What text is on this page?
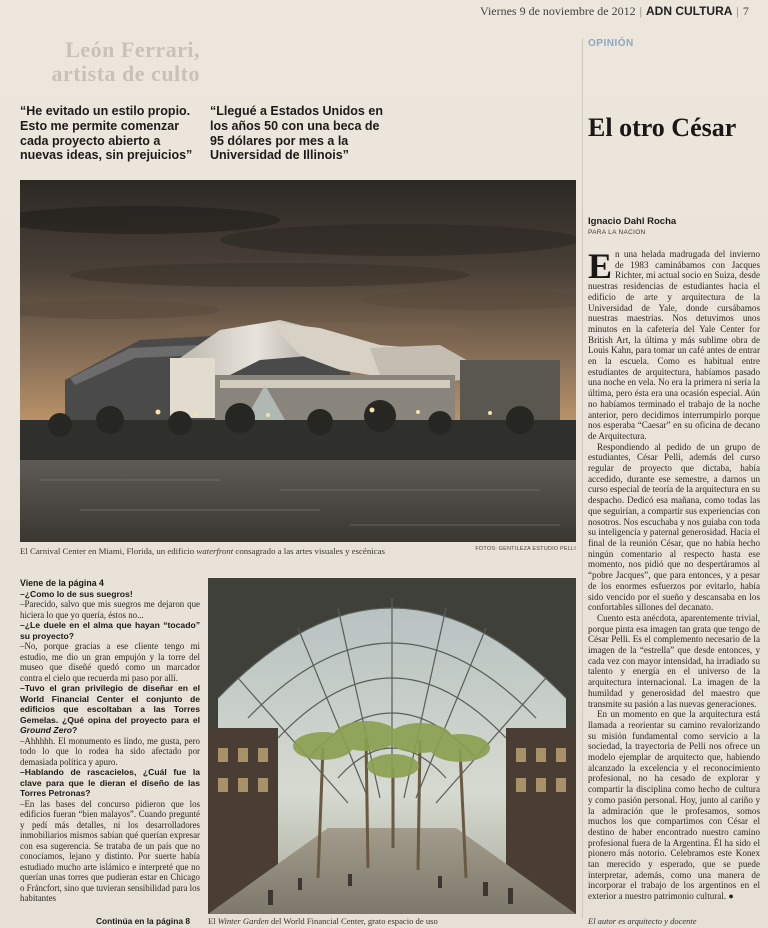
Viernes 9 de noviembre de 2012 | ADN CULTURA | 7
León Ferrari, artista de culto
“He evitado un estilo propio. Esto me permite comenzar cada proyecto abierto a nuevas ideas, sin prejuicios”
“Llegué a Estados Unidos en los años 50 con una beca de 95 dólares por mes a la Universidad de Illinois”
OPINIÓN
El otro César
El Carnival Center en Miami, Florida, un edificio waterfront consagrado a las artes visuales y escénicas	FOTOS: GENTILEZA ESTUDIO PELLI
Ignacio Dahl Rocha
PARA LA NACION

En una helada madrugada del invierno de 1983 caminábamos con Jacques Richter, mi actual socio en Suiza, desde nuestras residencias de estudiantes hacia el edificio de arte y arquitectura de la Universidad de Yale, donde cursábamos nuestras maestrías. Nos detuvimos unos minutos en la cafetería del Yale Center for British Art, la última y más sublime obra de Louis Kahn, para tomar un café antes de entrar en la escuela. Como es habitual entre estudiantes de arquitectura, habíamos pasado una noche en vela. No era la primera ni sería la última, pero ésta era una ocasión especial. Aún no habíamos terminado el trabajo de la noche anterior, pero decidimos interrumpirlo porque nos esperaba “Caesar” en su oficina de decano de Arquitectura.

Respondiendo al pedido de un grupo de estudiantes, César Pelli, además del curso regular de proyecto que dictaba, había accedido, durante ese semestre, a darnos un curso especial de teoría de la arquitectura en su despacho. Dedicó esa mañana, como todas las que seguirían, a compartir sus experiencias con nosotros. Nos escuchaba y nos guiaba con toda su inteligencia y paternal generosidad. Hacia el final de la reunión César, que no había hecho ningún comentario al respecto hasta ese momento, nos pidió que no despertáramos al “pobre Jacques”, que para entonces, y a pesar de los enormes esfuerzos por evitarlo, había sido vencido por el sueño y descansaba en los confortables sillones del decanato.

Cuento esta anécdota, aparentemente trivial, porque pinta esa imagen tan grata que tengo de César Pelli. Es el complemento necesario de la imagen de la “estrella” que desde entonces, y cada vez con mayor intensidad, ha irradiado su talento y energía en el universo de la arquitectura internacional. La imagen de la humildad y generosidad del maestro que transmite su pasión a las nuevas generaciones.

En un momento en que la arquitectura está llamada a reorientar su camino revalorizando su misión fundamental como servicio a la sociedad, la trayectoria de Pelli nos ofrece un modelo ejemplar de arquitecto que, habiendo alcanzado la excelencia y el reconocimiento profesional, no ha cesado de explorar y compartir la disciplina como hecho de cultura y como pasión personal. Hoy, junto al cariño y la admiración que le profesamos, somos muchos los que compartimos con César el destino de haber encontrado nuestro camino profesional fuera de la Argentina. Él ha sido el pionero más notorio. Celebramos este Konex tan merecido y esperado, que se puede interpretar, además, como una manera de incorporar el trabajo de los argentinos en el exterior a nuestro patrimonio cultural. ●

El autor es arquitecto y docente
Viene de la página 4
–¿Como lo de sus suegros!
–Parecido, salvo que mis suegros me dejaron que hiciera lo que yo quería, éstos no...
–¿Le duele en el alma que hayan “tocado” su proyecto?
–No, porque gracias a ese cliente tengo mi estudio, me dio un gran empujón y la torre del museo que diseñé quedó como un marcador contra el cielo que recuerda mi paso por allí.
–Tuvo el gran privilegio de diseñar en el World Financial Center el conjunto de edificios que escoltaban a las Torres Gemelas. ¿Qué opina del proyecto para el Ground Zero?
–Ahhhhh. El monumento es lindo, me gusta, pero todo lo que lo rodea ha sido afectado por demasiada política y apuro.
–Hablando de rascacielos, ¿Cuál fue la clave para que le dieran el diseño de las Torres Petronas?
–En las bases del concurso pidieron que los edificios fueran “bien malayos”. Cuando pregunté y pedí más detalles, ni los desarrolladores inmobiliarios mismos sabían qué querían expresar con esa sugerencia. Se trataba de un país que no conocíamos, lejano y distinto. Por suerte había estudiado mucho arte islámico e interpreté que no querían unas torres que pudieran estar en Chicago o Fráncfort, sino que tuvieran sensibilidad para los habitantes
Continúa en la página 8 El Winter Garden del World Financial Center, grato espacio de uso
